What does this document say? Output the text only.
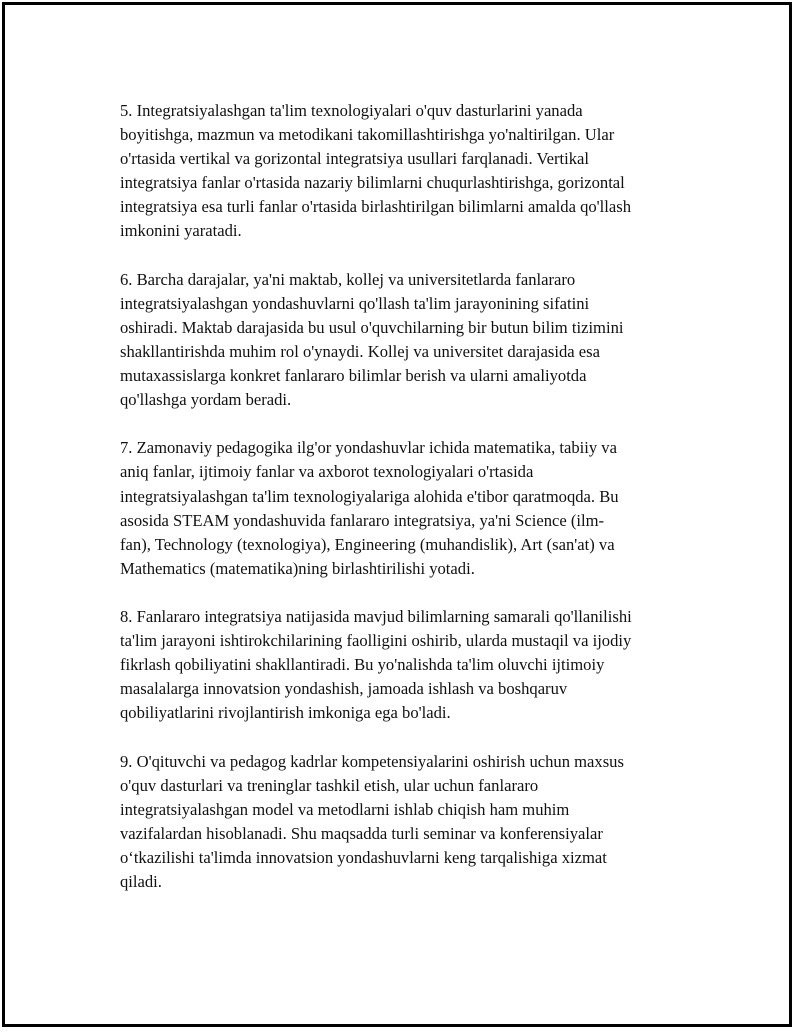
5. Integratsiyalashgan ta'lim texnologiyalari o'quv dasturlarini yanada
boyitishga, mazmun va metodikani takomillashtirishga yo'naltirilgan. Ular
o'rtasida vertikal va gorizontal integratsiya usullari farqlanadi. Vertikal
integratsiya fanlar o'rtasida nazariy bilimlarni chuqurlashtirishga, gorizontal
integratsiya esa turli fanlar o'rtasida birlashtirilgan bilimlarni amalda qo'llash
imkonini yaratadi.

6. Barcha darajalar, ya'ni maktab, kollej va universitetlarda fanlararo
integratsiyalashgan yondashuvlarni qo'llash ta'lim jarayonining sifatini
oshiradi. Maktab darajasida bu usul o'quvchilarning bir butun bilim tizimini
shakllantirishda muhim rol o'ynaydi. Kollej va universitet darajasida esa
mutaxassislarga konkret fanlararo bilimlar berish va ularni amaliyotda
qo'llashga yordam beradi.

7. Zamonaviy pedagogika ilg'or yondashuvlar ichida matematika, tabiiy va
aniq fanlar, ijtimoiy fanlar va axborot texnologiyalari o'rtasida
integratsiyalashgan ta'lim texnologiyalariga alohida e'tibor qaratmoqda. Bu
asosida STEAM yondashuvida fanlararo integratsiya, ya'ni Science (ilm-
fan), Technology (texnologiya), Engineering (muhandislik), Art (san'at) va
Mathematics (matematika)ning birlashtirilishi yotadi.

8. Fanlararo integratsiya natijasida mavjud bilimlarning samarali qo'llanilishi
ta'lim jarayoni ishtirokchilarining faolligini oshirib, ularda mustaqil va ijodiy
fikrlash qobiliyatini shakllantiradi. Bu yo'nalishda ta'lim oluvchi ijtimoiy
masalalarga innovatsion yondashish, jamoada ishlash va boshqaruv
qobiliyatlarini rivojlantirish imkoniga ega bo'ladi.

9. O'qituvchi va pedagog kadrlar kompetensiyalarini oshirish uchun maxsus
o'quv dasturlari va treninglar tashkil etish, ular uchun fanlararo
integratsiyalashgan model va metodlarni ishlab chiqish ham muhim
vazifalardan hisoblanadi. Shu maqsadda turli seminar va konferensiyalar
o‘tkazilishi ta'limda innovatsion yondashuvlarni keng tarqalishiga xizmat
qiladi.
